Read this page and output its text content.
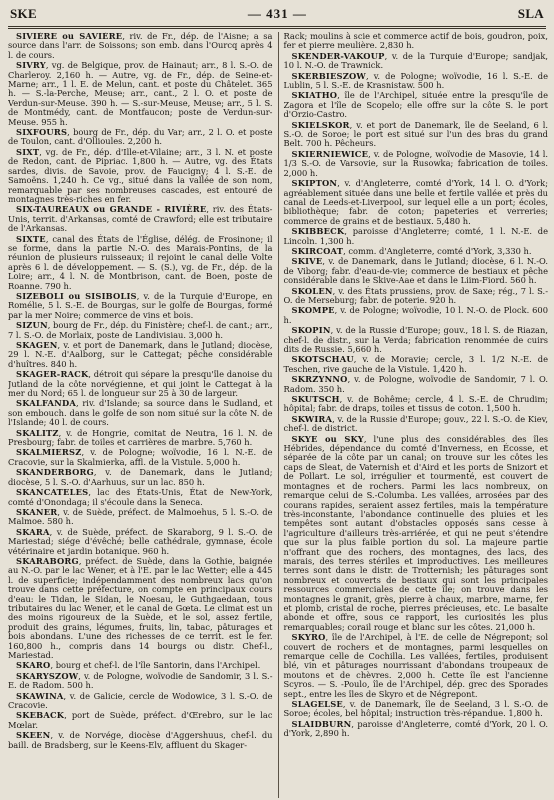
SKE	— 431 —	SLA

SIVIÈRE ou SAVIÈRE, riv. de Fr., dép. de l'Aisne; a sa source dans l'arr. de Soissons; son emb. dans l'Ourcq après 4 l. de cours.

SIVRY, vg. de Belgique, prov. de Hainaut; arr., 8 l. S.-O. de Charleroy. 2,160 h. — Autre, vg. de Fr., dép. de Seine-et-Marne; arr., 1 l. E. de Melun, cant. et poste du Châtelet. 365 h. — S.-la-Perche, Meuse; arr., cant., 2 l. O. et poste de Verdun-sur-Meuse. 390 h. — S.-sur-Meuse, Meuse; arr., 5 l. S. de Montmédy, cant. de Montfaucon; poste de Verdun-sur-Meuse. 955 h.

SIXFOURS, bourg de Fr., dép. du Var; arr., 2 l. O. et poste de Toulon, cant. d'Ollioules. 2,200 h.

SIXT, vg. de Fr., dép. d'Ille-et-Vilaine; arr., 3 l. N. et poste de Redon, cant. de Pipriac. 1,800 h. — Autre, vg. des États sardes, divis. de Savoie, prov. de Faucigny; 4 l. S.-E. de Samoëns. 1,240 h. Ce vg., situé dans la vallée de son nom, remarquable par ses nombreuses cascades, est entouré de montagnes très-riches en fer.

SIX-TAUREAUX ou GRANDE - RIVIÈRE, riv. des États-Unis, territ. d'Arkansas, comté de Crawford; elle est tributaire de l'Arkansas.

SIXTE, canal des États de l'Église, délég. de Frosinone; il se forme, dans la partie N.-O. des Marais-Pontins, de la réunion de plusieurs ruisseaux; il rejoint le canal delle Volte après 6 l. de développement. — S. (S.), vg. de Fr., dép. de la Loire; arr., 4 l. N. de Montbrison, cant. de Boen, poste de Roanne. 790 h.

SIZEBOLI ou SISIBOLIS, v. de la Turquie d'Europe, en Romélie, 5 l. S.-E. de Bourgas, sur le golfe de Bourgas, formé par la mer Noire; commerce de vins et bois.

SIZUN, bourg de Fr., dép. du Finistère; chef-l. de cant.; arr., 7 l. S.-O. de Morlaix, poste de Landivisiau. 3,000 h.

SKAGEN, v. et port de Danemark, dans le Jutland; diocèse, 29 l. N.-E. d'Aalborg, sur le Cattegat; pêche considérable d'huîtres. 840 h.

SKAGER-RACK, détroit qui sépare la presqu'île danoise du Jutland de la côte norvégienne, et qui joint le Cattegat à la mer du Nord; 65 l. de longueur sur 25 à 30 de largeur.

SKALFANDA, riv. d'Islande; sa source dans le Sudland, et son embouch. dans le golfe de son nom situé sur la côte N. de l'Islande; 40 l. de cours.

SKALITZ, v. de Hongrie, comitat de Neutra, 16 l. N. de Presbourg; fabr. de toiles et carrières de marbre. 5,760 h.

SKALMIERSZ, v. de Pologne; woïvodie, 16 l. N.-E. de Cracovie, sur la Skalmierka, affl. de la Vistule. 5,000 h.

SKANDERBORG, v. de Danemark, dans le Jutland; diocèse, 5 l. S.-O. d'Aarhuus, sur un lac. 850 h.

SKANCATELES, lac des États-Unis, État de New-York, comté d'Onondaga; il s'écoule dans la Seneca.

SKANER, v. de Suède, préfect. de Malmoehus, 5 l. S.-O. de Malmoe. 580 h.

SKARA, v. de Suède, préfect. de Skaraborg, 9 l. S.-O. de Mariestad; siége d'évêché; belle cathédrale, gymnase, école vétérinaire et jardin botanique. 960 h.

SKARABORG, préfect. de Suède, dans la Gothie, baignée au N.-O. par le lac Wener, et à l'E. par le lac Wetter; elle a 445 l. de superficie; indépendamment des nombreux lacs qu'on trouve dans cette préfecture, on compte en principaux cours d'eau: le Tidan, le Sidan, le Noesau, le Guthgaedaan, tous tributaires du lac Wener, et le canal de Gœta. Le climat est un des moins rigoureux de la Suède, et le sol, assez fertile, produit des grains, légumes, fruits, lin, tabac, pâturages et bois abondans. L'une des richesses de ce territ. est le fer. 160,800 h., compris dans 14 bourgs ou distr. Chef-l., Mariestad.

SKARO, bourg et chef-l. de l'île Santorin, dans l'Archipel.

SKARYSZOW, v. de Pologne, woïvodie de Sandomir, 3 l. S.-E. de Radom. 500 h.

SKAWINA, v. de Galicie, cercle de Wodowice, 3 l. S.-O. de Cracovie.

SKEBACK, port de Suède, préfect. d'Œrebro, sur le lac Mœlar.

SKEEN, v. de Norvége, diocèse d'Aggershuus, chef-l. du baill. de Bradsberg, sur le Keens-Elv, affluent du Skager-

Rack; moulins à scie et commerce actif de bois, goudron, poix, fer et pierre meulière. 2,830 h.

SKENDER-VAKOUP, v. de la Turquie d'Europe; sandjak, 10 l. N.-O. de Trawnick.

SKERBIESZOW, v. de Pologne; woïvodie, 16 l. S.-E. de Lublin, 5 l. S.-E. de Krasnistaw. 500 h.

SKIATHO, île de l'Archipel, située entre la presqu'île de Zagora et l'île de Scopelo; elle offre sur la côte S. le port d'Orzio-Castro.

SKIELSKOR, v. et port de Danemark, île de Seeland, 6 l. S.-O. de Soroe; le port est situé sur l'un des bras du grand Belt. 700 h. Pêcheurs.

SKIERNIEWICE, v. de Pologne, woïvodie de Masovie, 14 l. 1/3 S.-O. de Varsovie, sur la Rusowka; fabrication de toiles. 2,000 h.

SKIPTON, v. d'Angleterre, comté d'York, 14 l. O. d'York; agréablement située dans une belle et fertile vallée et près du canal de Leeds-et-Liverpool, sur lequel elle a un port; écoles, bibliothèque; fabr. de coton; papeteries et verreries; commerce de grains et de bestiaux. 5,480 h.

SKIBBECK, paroisse d'Angleterre; comté, 1 l. N.-E. de Lincoln. 1,300 h.

SKIRCOAT, comm. d'Angleterre, comté d'York, 3,330 h.

SKIVE, v. de Danemark, dans le Jutland; diocèse, 6 l. N.-O. de Viborg; fabr. d'eau-de-vie; commerce de bestiaux et pêche considérable dans le Skive-Aae et dans le Liim-Fiord. 560 h.

SKOLEN, v. des États prussiens, prov. de Saxe; rég., 7 l. S.-O. de Merseburg; fabr. de poterie. 920 h.

SKOMPE, v. de Pologne; woïvodie, 10 l. N.-O. de Plock. 600 h.

SKOPIN, v. de la Russie d'Europe; gouv., 18 l. S. de Riazan, chef-l. de distr., sur la Verda; fabrication renommée de cuirs dits de Russie. 5,660 h.

SKOTSCHAU, v. de Moravie; cercle, 3 l. 1/2 N.-E. de Teschen, rive gauche de la Vistule. 1,420 h.

SKRZYNNO, v. de Pologne, woïvodie de Sandomir, 7 l. O. Radom. 350 h.

SKUTSCH, v. de Bohême; cercle, 4 l. S.-E. de Chrudim; hôpital; fabr. de draps, toiles et tissus de coton. 1,500 h.

SKWIRA, v. de la Russie d'Europe; gouv., 22 l. S.-O. de Kiev, chef-l. de district.

SKYE ou SKY, l'une plus des considérables des îles Hébrides, dépendance du comté d'Inverness, en Écosse, et séparée de la côte par un canal; on trouve sur les côtes les caps de Sleat, de Vaternish et d'Aird et les ports de Snizort et de Pollart. Le sol, irrégulier et tourmenté, est couvert de montagnes et de rochers. Parmi les lacs nombreux, on remarque celui de S.-Columba. Les vallées, arrosées par des courans rapides, seraient assez fertiles, mais la température très-inconstante, l'abondance continuelle des pluies et les tempêtes sont autant d'obstacles opposés sans cesse à l'agriculture d'ailleurs très-arriérée, et qui ne peut s'étendre que sur la plus faible portion du sol. La majeure partie n'offrant que des rochers, des montagnes, des lacs, des marais, des terres stériles et improductives. Les meilleures terres sont dans le distr. de Trotternish; les pâturages sont nombreux et couverts de bestiaux qui sont les principales ressources commerciales de cette île; on trouve dans les montagnes le granit, grès, pierre à chaux, marbre, marne, fer et plomb, cristal de roche, pierres précieuses, etc. Le basalte abonde et offre, sous ce rapport, les curiosités les plus remarquables; corail rouge et blanc sur les côtes. 21,000 h.

SKYRO, île de l'Archipel, à l'E. de celle de Négrepont; sol couvert de rochers et de montagnes, parmi lesquelles on remarque celle de Cochilla. Les vallées, fertiles, produisent blé, vin et pâturages nourrissant d'abondans troupeaux de moutons et de chèvres. 2,000 h. Cette île est l'ancienne Scyros. — S. -Poulo, île de l'Archipel, dép. grec des Sporades sept., entre les îles de Skyro et de Négrepont.

SLAGELSE, v. de Danemark, île de Seeland, 3 l. S.-O. de Soroe; écoles, bel hôpital; instruction très-répandue. 1,800 h.

SLAIDBURN, paroisse d'Angleterre, comté d'York, 20 l. O. d'York, 2,890 h.
